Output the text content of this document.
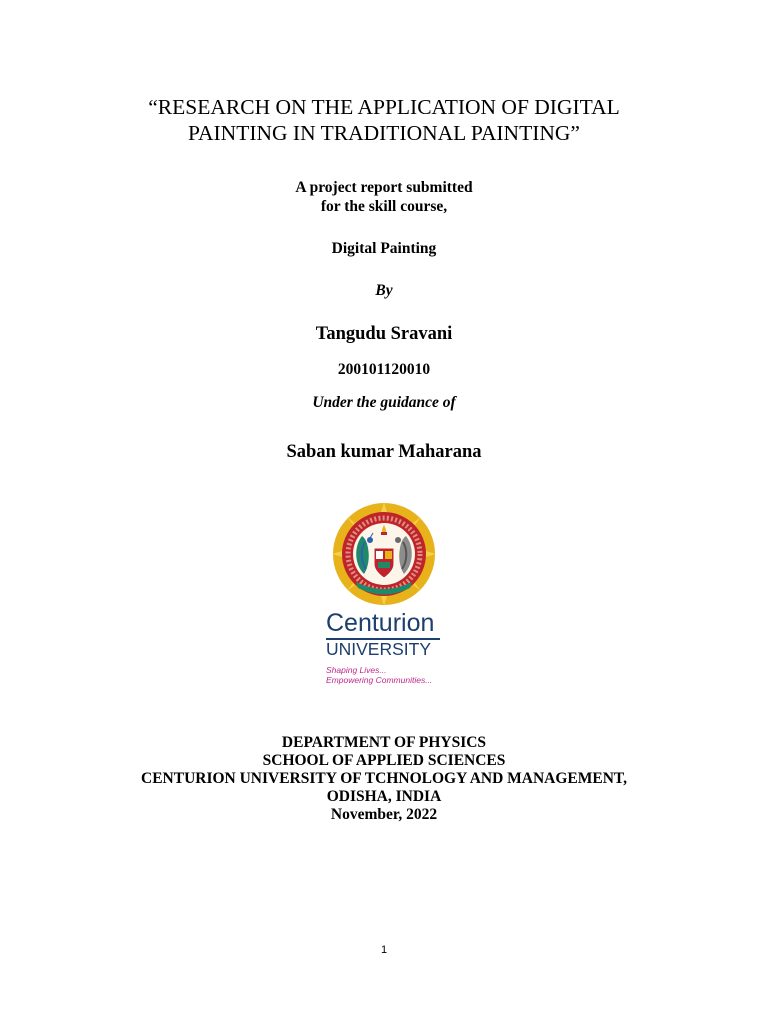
“RESEARCH ON THE APPLICATION OF DIGITAL
PAINTING IN TRADITIONAL PAINTING”
A project report submitted
for the skill course,
Digital Painting
By
Tangudu Sravani
200101120010
Under the guidance of
Saban kumar Maharana
Centurion
UNIVERSITY
Shaping Lives...
Empowering Communities...
DEPARTMENT OF PHYSICS
SCHOOL OF APPLIED SCIENCES
CENTURION UNIVERSITY OF TCHNOLOGY AND MANAGEMENT,
ODISHA, INDIA
November, 2022
1
